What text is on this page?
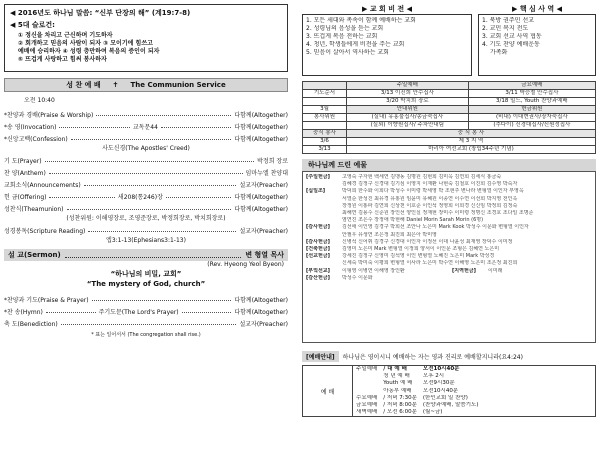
◀ 2016년도 하나님 말씀: “신부 단장의 해” (계19:7-8)
◀ 5대 슬로건:
① 정신을 차리고 근신하며 기도하자
② 회개하고 믿음의 사람이 되자 ③ 모이기에 힘쓰고
예배에 승리하자 ④ 성령 충만하여 복음의 증인이 되자
⑤ 뜨겁게 사랑하고 힘써 봉사하자
성 찬 예 배 ✝ The Communion Service
오전 10:40
*찬양과 경배(Praise & Worship)	다함께(Altogether)
*송 영(Invocation)	교독문44	다함께(Altogether)
*신앙고백(Confession)	다함께(Altogether)
사도신경(The Apostles' Creed)
기 도(Prayer)	박정희 장로
찬 양(Anthem)	임마누엘 찬양대
교회소식(Announcements)	설교자(Preacher)
헌 금(Offering)	새208(통246)장	다함께(Altogether)
성찬식(Theamunion)	다함께(Altogether)
(성찬위원: 이해영장로, 조영준장로, 박정희장로, 박치희장로)
성경봉독(Scripture Reading)	설교자(Preacher)
엡3:1-13(Ephesians3:1-13)
설 교(Sermon)	변 형열 목사
(Rev. Hyeong Yeol Byeon)
“하나님의 비밀, 교회”
“The mystery of God, church”
*찬양과 기도(Praise & Prayer)	다함께(Altogether)
*찬 송(Hymn)	주기도문(The Lord's Prayer)	다함께(Altogether)
축 도(Benediction)	설교자(Preacher)
* 표는 일어서서 (The congregation shall rise.)
▶ 교 회 비 전 ◀
1. 모든 세대와 족속이 함께 예배하는 교회
2. 성령님의 음성을 듣는 교회
3. 뜨겁게 복음 전하는 교회
4. 청년, 학생들에게 비전을 주는 교회
5. 믿음이 살아서 역사하는 교회
▶ 핵 심 사 역 ◀
1. 북방 권주민 선교
2. 교민 복지 전도
3. 교회 선교 사역 협동
4. 기도 찬양 예배운동
가족화
	주일예배	금요예배
기도순서	3/13 이진희 안수집사	3/11 박승철 안수집사
	3/20 박치희 장로	3/18 밀드, Youth 찬양과예배
3월	안내위원	헌금위원
봉사위원	(실내) 유홍불집사/송금숙집사	(비내) 이대현권사/장자숙집사
	(실외) 이향원집사/ 주차안내팀	(추다이) 신경대집사/신원정집사
중식 봉사	중 식 봉 사	
3/6	제 3 지 역	
3/13	마리아 여선교회 (창립34주년 기념)	
하나님께 드린 예물
[주일헌금]	고영숙 구자현 백세연 김맹동 김명원 김현희 김미옥 김연희 김세식 홍금숙
김혜경 김정구 신경대 김기심 이영지 이재환 나현숙 김철호 이진희 김수영 박숙자
[십일조]	박덕희 한수화 이희다 박성수 이미령 박세영 박 조현주 변나라 변형열 이인자 부영옥
서열순 한성진 최유경 유홍원 임윤미 유혜원 이종연 이수연 이선희 박지영 전인옥
장정원 이홍파 김연희 신상천 이호준 이인석 정영희 이희경 신신임 박정희 김정숙
최해연 김용수 신준원 장인선 양인실 정재현 장미수 이미령 정명신 조경호 조다일 조명준
염연진 조은수 장정애 박현해 Daniel Morin Sarah Morin (6명)
[감사헌금]	김선애 이인영 김경구 박희선 조안나 노은미 Mark Kook 박성수 이문화 변형열 이인자
안필우 유생연 조은정 최진희 최은아 박미영
[감사헌금]	신병석 신어휘 김경구 신경대 이인자 이정선 이대 나윤성 최재영 장덕수 이미정
[건축헌금]	김영미 노은미 Mark 변형열 이정희 양서이 이인문 조형은 김혜연 노은미
[선교헌금]	강세진 김정구 신영미 김석영 이인 변형열 노혜진 노은미 Mark 박성경
신세숙 박미숙 이평희 변형열 이사라 노은미 박수연 이해영 노은미 조은정 최진희
[부엌선교]	이형영 이병연 이해영 장인환	[지역헌금]	이미래
[감산헌금]	박성수 이문화
[예배안내]	하나님은 영이시니 예배하는 자는 영과 진리로 예배할지니라(요4:24)
예 배
주일예배	/ 대 예 배	오전10시40분
	청 년 예 배	오후 2시
	Youth 예 배	오전9시30분
	아동부 예배	오전10시40분
수요예배	/ 저녁 7:30분	(한인교회 일 찬양)
금요예배	/ 저녁 8:00분	(찬양과예배, 말씀기도)
새벽예배	/ 오전 6:00분	(월~금)
